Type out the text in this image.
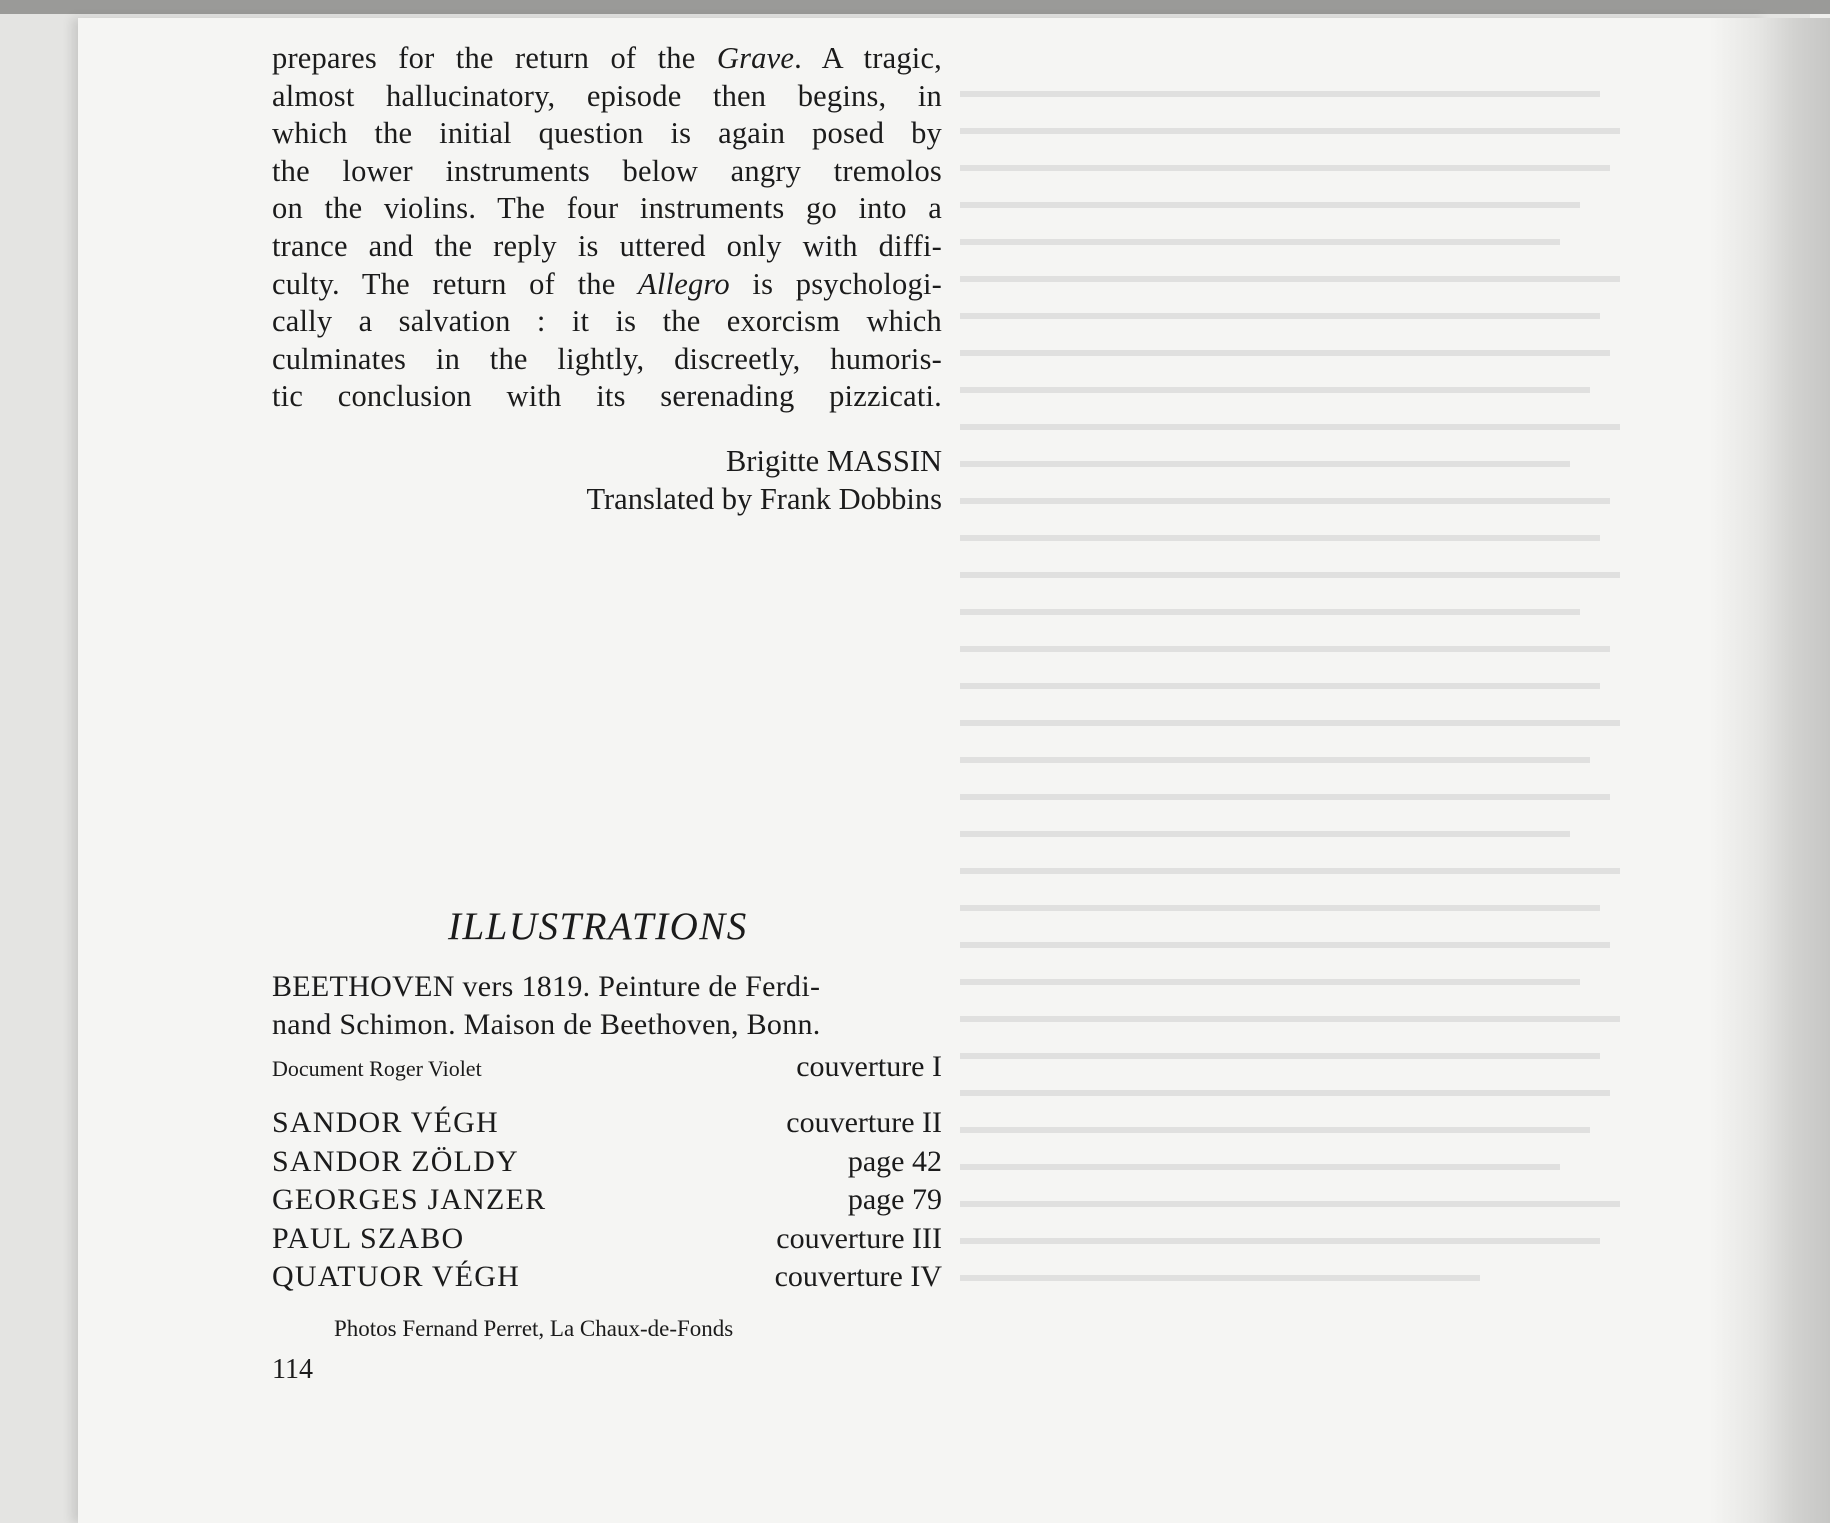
prepares for the return of the Grave. A tragic,
almost hallucinatory, episode then begins, in
which the initial question is again posed by
the lower instruments below angry tremolos
on the violins. The four instruments go into a
trance and the reply is uttered only with diffi-
culty. The return of the Allegro is psychologi-
cally a salvation : it is the exorcism which
culminates in the lightly, discreetly, humoris-
tic conclusion with its serenading pizzicati.
Brigitte MASSIN
Translated by Frank Dobbins
ILLUSTRATIONS
BEETHOVEN vers 1819. Peinture de Ferdi-
nand Schimon. Maison de Beethoven, Bonn.
Document Roger Violet	couverture I
SANDOR VÉGH	couverture II
SANDOR ZÖLDY	page 42
GEORGES JANZER	page 79
PAUL SZABO	couverture III
QUATUOR VÉGH	couverture IV
Photos Fernand Perret, La Chaux-de-Fonds
114
